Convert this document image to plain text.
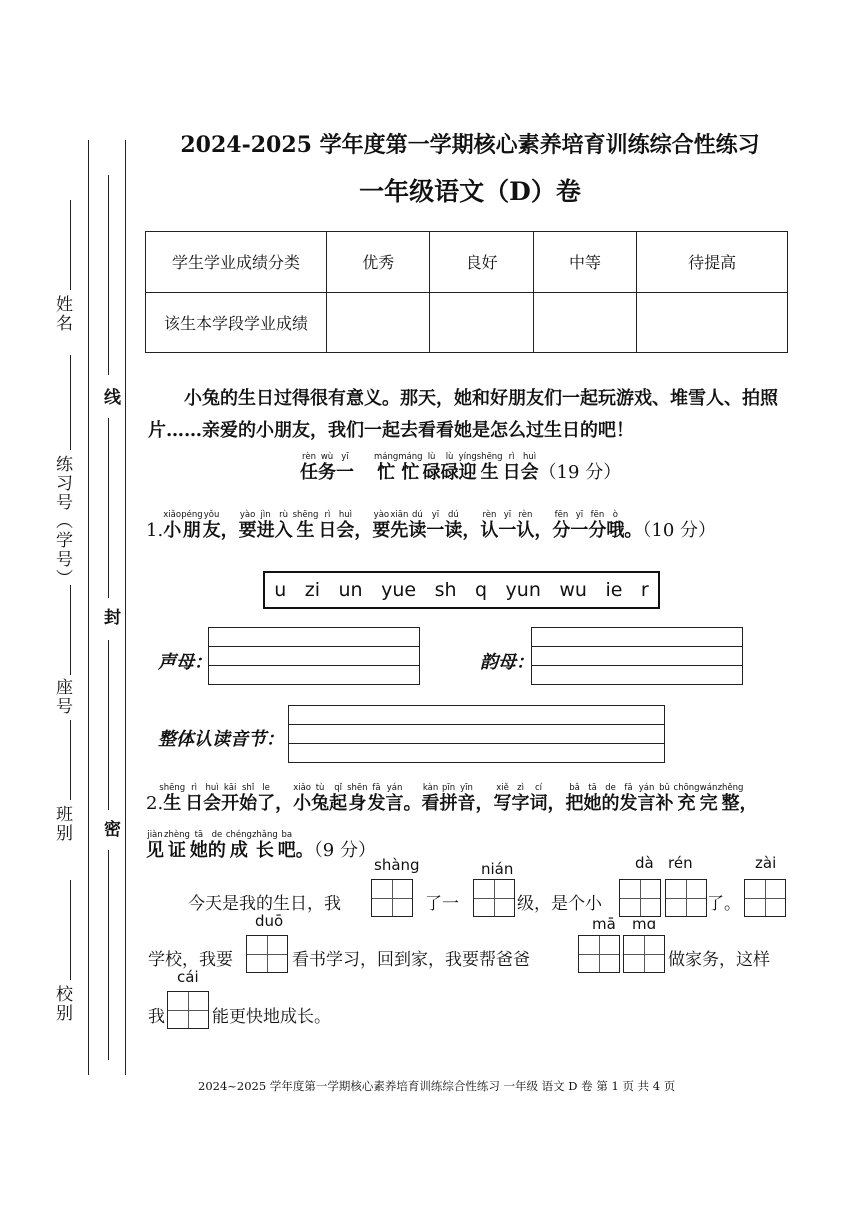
姓名
练习号（学号）
座号
班别
校别
线
封
密
2024-2025 学年度第一学期核心素养培育训练综合性练习
一年级语文（D）卷
学生学业成绩分类	优秀	良好	中等	待提高
该生本学段学业成绩				
小兔的生日过得很有意义。那天，她和好朋友们一起玩游戏、堆雪人、拍照片……亲爱的小朋友，我们一起去看看她是怎么过生日的吧！
任rèn务wù一yī忙máng忙máng碌lù碌lù迎yíng生shēng日rì会huì（19 分）
1.小xiǎo朋péng友yǒu，要yào进jìn入rù生shēng日rì会huì，要yào先xiān读dú一yī读dú，认rèn一yī认rèn，分fēn一yī分fēn哦ò。（10 分）
u zi un yue sh q yun wu ie r
声母：	韵母：
整体认读音节：
2.生shēng日rì会huì开kāi始shǐ了le，小xiǎo兔tù起qǐ身shēn发fā言yán。看kàn拼pīn音yīn，写xiě字zì词cí，把bǎ她tā的de发fā言yán补bǔ充chōng完wán整zhěng，
见jiàn证zhèng她tā的de成chéng长zhǎng吧ba。（9 分）
今天是我的生日，我
shàng
了一
nián
级，是个小
dà rén
了。
zài
学校，我要
duō
看书学习，回到家，我要帮爸爸
mā mɑ
做家务，这样
我
cái
能更快地成长。
2024~2025 学年度第一学期核心素养培育训练综合性练习 一年级 语文 D 卷 第 1 页 共 4 页
